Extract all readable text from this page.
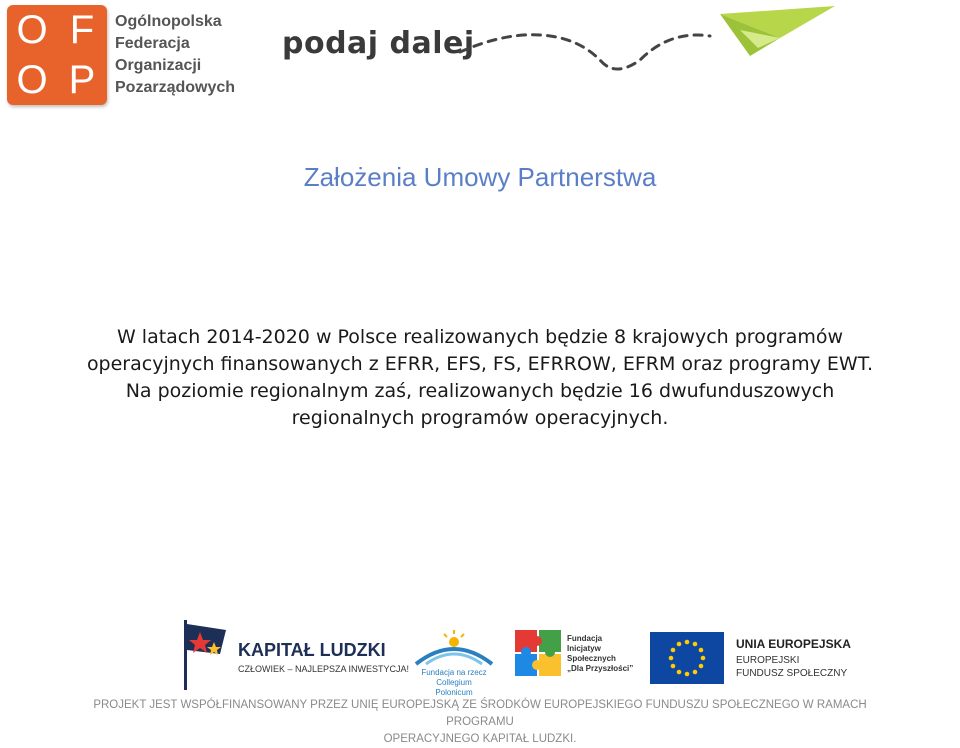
O F
O P
Ogólnopolska
Federacja
Organizacji
Pozarządowych
podaj dalej
Założenia Umowy Partnerstwa
W latach 2014-2020 w Polsce realizowanych będzie 8 krajowych programów
operacyjnych finansowanych z EFRR, EFS, FS, EFRROW, EFRM oraz programy EWT.
Na poziomie regionalnym zaś, realizowanych będzie 16 dwufunduszowych
regionalnych programów operacyjnych.
KAPITAŁ LUDZKI
CZŁOWIEK – NAJLEPSZA INWESTYCJA!	Fundacja na rzecz
Collegium Polonicum
Fundacja
Inicjatyw
Społecznych
„Dla Przyszłości”
UNIA EUROPEJSKA
EUROPEJSKI
FUNDUSZ SPOŁECZNY
PROJEKT JEST WSPÓŁFINANSOWANY PRZEZ UNIĘ EUROPEJSKĄ ZE ŚRODKÓW EUROPEJSKIEGO FUNDUSZU SPOŁECZNEGO W RAMACH PROGRAMU
OPERACYJNEGO KAPITAŁ LUDZKI.
